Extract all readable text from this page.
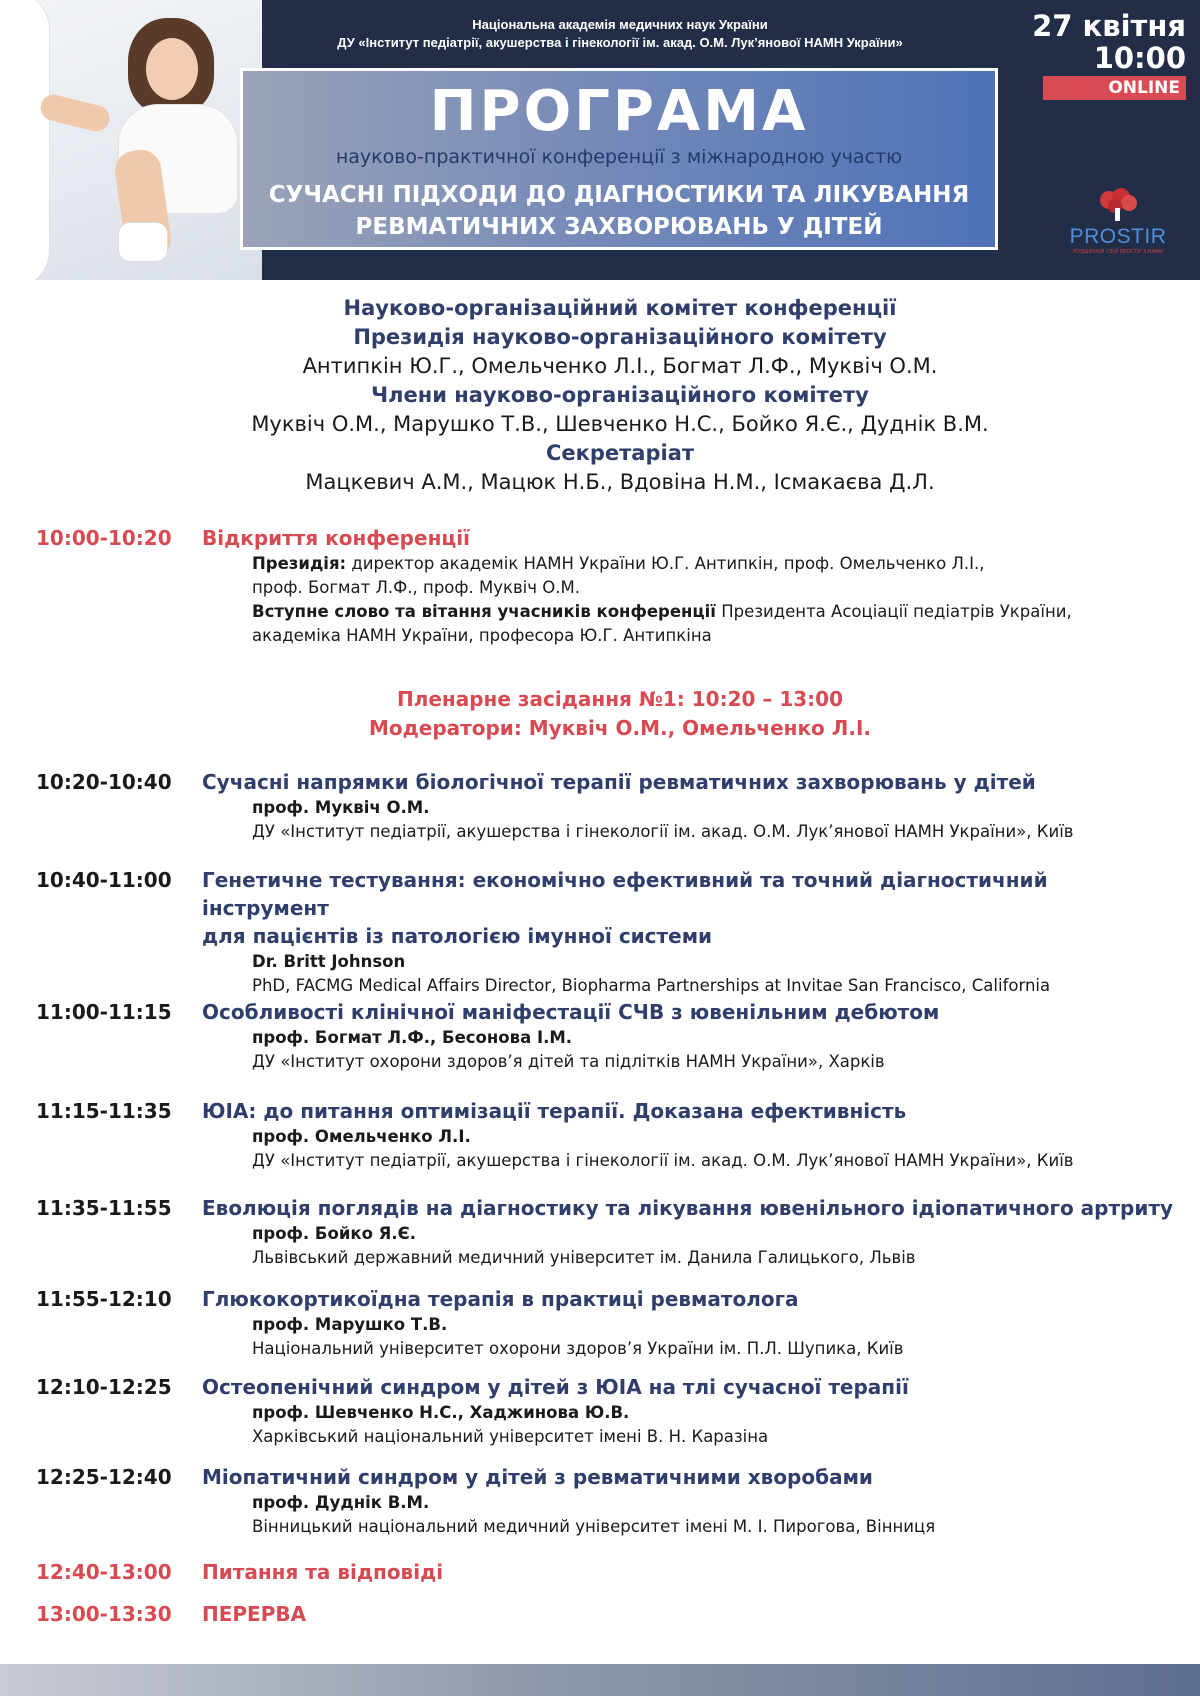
Національна академія медичних наук України
ДУ «Інститут педіатрії, акушерства і гінекології ім. акад. О.М. Лук’янової НАМН України»
ПРОГРАМА
науково-практичної конференції з міжнародною участю
СУЧАСНІ ПІДХОДИ ДО ДІАГНОСТИКИ ТА ЛІКУВАННЯ
РЕВМАТИЧНИХ ЗАХВОРЮВАНЬ У ДІТЕЙ
27 квітня
10:00
ONLINE
PROSTIR
РОЗШИРЮЙ СВІЙ ПРОСТІР З НАМИ
Науково-організаційний комітет конференції
Президія науково-організаційного комітету
Антипкін Ю.Г., Омельченко Л.І., Богмат Л.Ф., Муквіч О.М.
Члени науково-організаційного комітету
Муквіч О.М., Марушко Т.В., Шевченко Н.С., Бойко Я.Є., Дуднік В.М.
Секретаріат
Мацкевич А.М., Мацюк Н.Б., Вдовіна Н.М., Ісмакаєва Д.Л.
10:00-10:20	Відкриття конференції
Президія: директор академік НАМН України Ю.Г. Антипкін, проф. Омельченко Л.І.,
проф. Богмат Л.Ф., проф. Муквіч О.М.
Вступне слово та вітання учасників конференції Президента Асоціації педіатрів України,
академіка НАМН України, професора Ю.Г. Антипкіна
Пленарне засідання №1: 10:20 – 13:00
Модератори: Муквіч О.М., Омельченко Л.І.
10:20-10:40	Сучасні напрямки біологічної терапії ревматичних захворювань у дітей
проф. Муквіч О.М.
ДУ «Інститут педіатрії, акушерства і гінекології ім. акад. О.М. Лук’янової НАМН України», Київ
10:40-11:00	Генетичне тестування: економічно ефективний та точний діагностичний інструмент
для пацієнтів із патологією імунної системи
Dr. Britt Johnson
PhD, FACMG Medical Affairs Director, Biopharma Partnerships at Invitae San Francisco, California
11:00-11:15	Особливості клінічної маніфестації СЧВ з ювенільним дебютом
проф. Богмат Л.Ф., Бесонова І.М.
ДУ «Інститут охорони здоров’я дітей та підлітків НАМН України», Харків
11:15-11:35	ЮІА: до питання оптимізації терапії. Доказана ефективність
проф. Омельченко Л.І.
ДУ «Інститут педіатрії, акушерства і гінекології ім. акад. О.М. Лук’янової НАМН України», Київ
11:35-11:55	Еволюція поглядів на діагностику та лікування ювенільного ідіопатичного артриту
проф. Бойко Я.Є.
Львівський державний медичний університет ім. Данила Галицького, Львів
11:55-12:10	Глюкокортикоїдна терапія в практиці ревматолога
проф. Марушко Т.В.
Національний університет охорони здоров’я України ім. П.Л. Шупика, Київ
12:10-12:25	Остеопенічний синдром у дітей з ЮІА на тлі сучасної терапії
проф. Шевченко Н.С., Хаджинова Ю.В.
Харківський національний університет імені В. Н. Каразіна
12:25-12:40	Міопатичний синдром у дітей з ревматичними хворобами
проф. Дуднік В.М.
Вінницький національний медичний університет імені М. І. Пирогова, Вінниця
12:40-13:00	Питання та відповіді
13:00-13:30	ПЕРЕРВА
